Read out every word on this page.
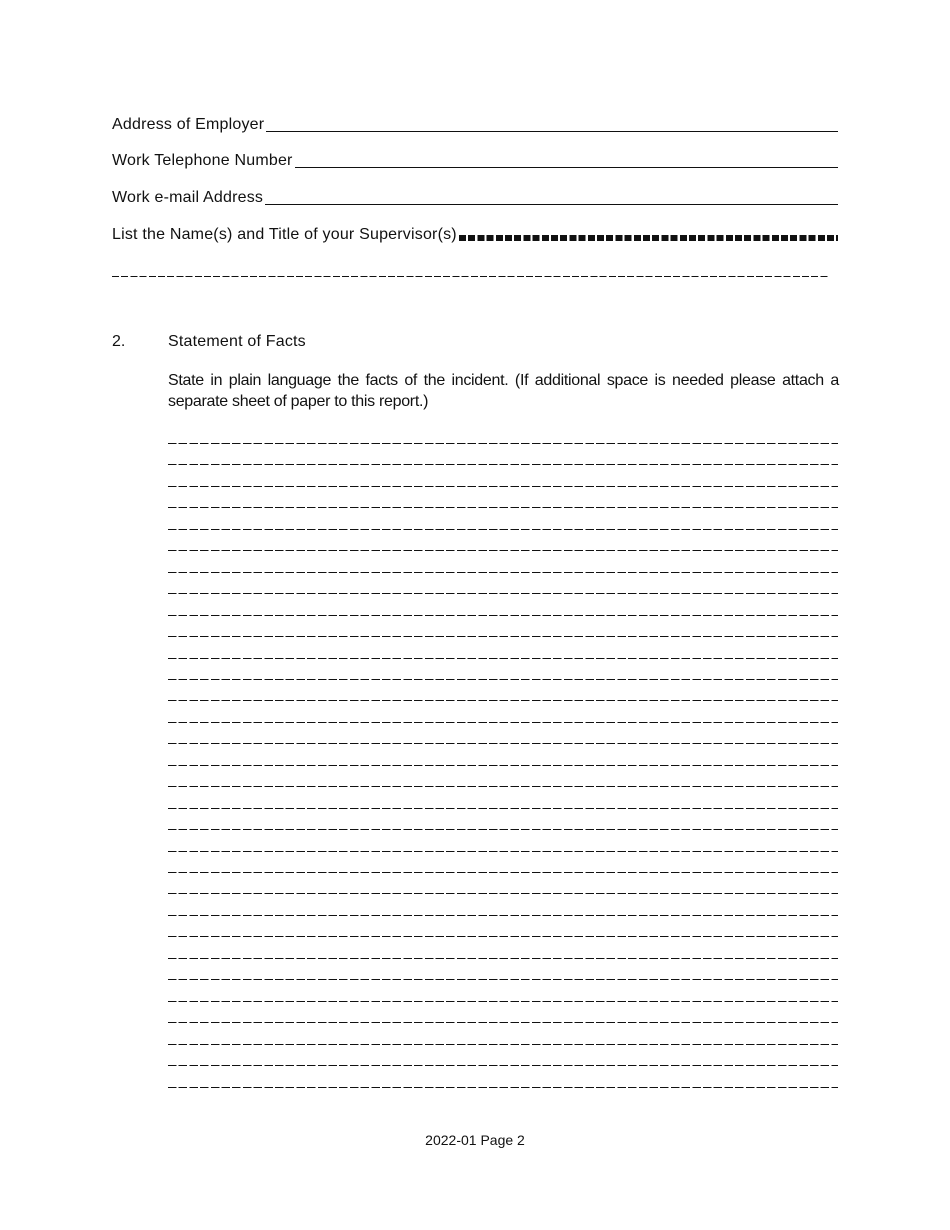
Address of Employer
Work Telephone Number
Work e-mail Address
List the Name(s) and Title of your Supervisor(s)
2.	Statement of Facts
State in plain language the facts of the incident. (If additional space is needed please attach a separate sheet of paper to this report.)
2022-01 Page 2
